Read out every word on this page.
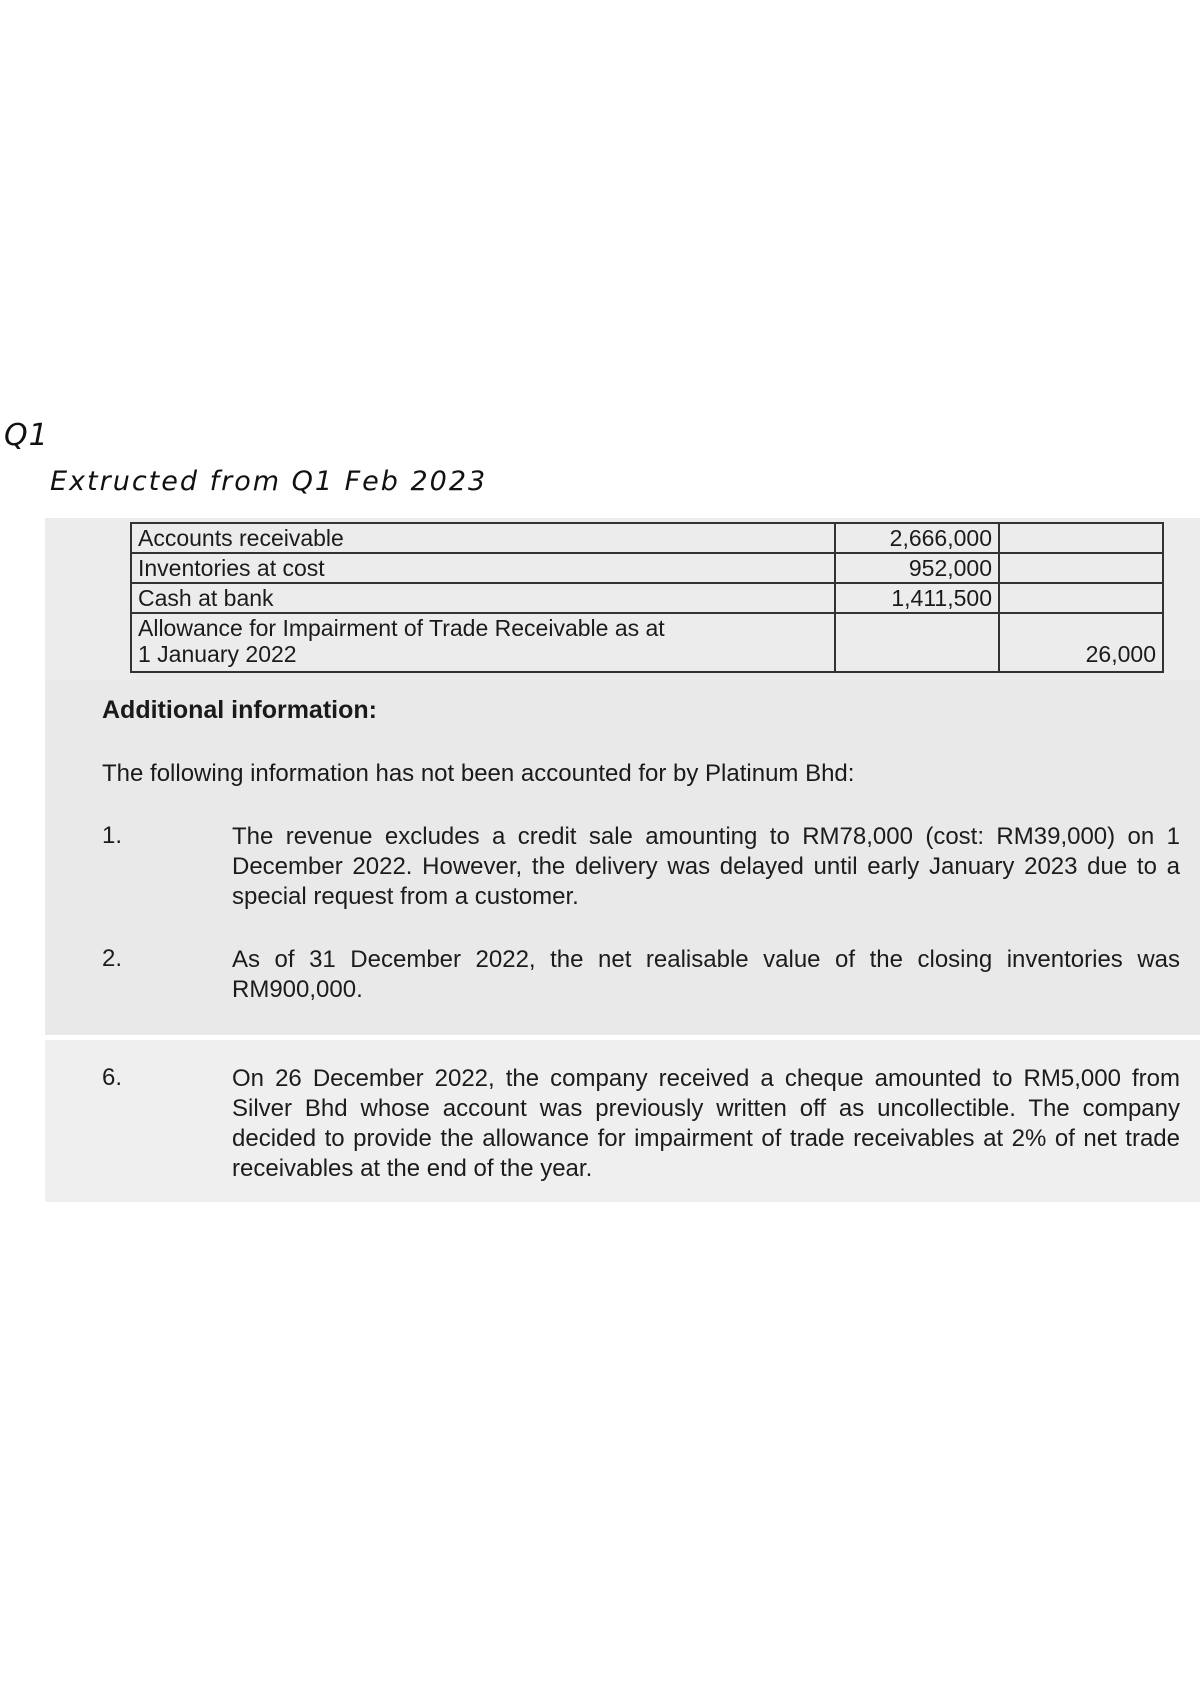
Q1
Extructed from Q1 Feb 2023
Accounts receivable	2,666,000	
Inventories at cost	952,000	
Cash at bank	1,411,500	

Allowance for Impairment of Trade Receivable as at
1 January 2022		26,000
Additional information:
The following information has not been accounted for by Platinum Bhd:
1.	The revenue excludes a credit sale amounting to RM78,000 (cost: RM39,000) on 1 December 2022. However, the delivery was delayed until early January 2023 due to a special request from a customer.
2.	As of 31 December 2022, the net realisable value of the closing inventories was RM900,000.
6.	On 26 December 2022, the company received a cheque amounted to RM5,000 from Silver Bhd whose account was previously written off as uncollectible. The company decided to provide the allowance for impairment of trade receivables at 2% of net trade receivables at the end of the year.
